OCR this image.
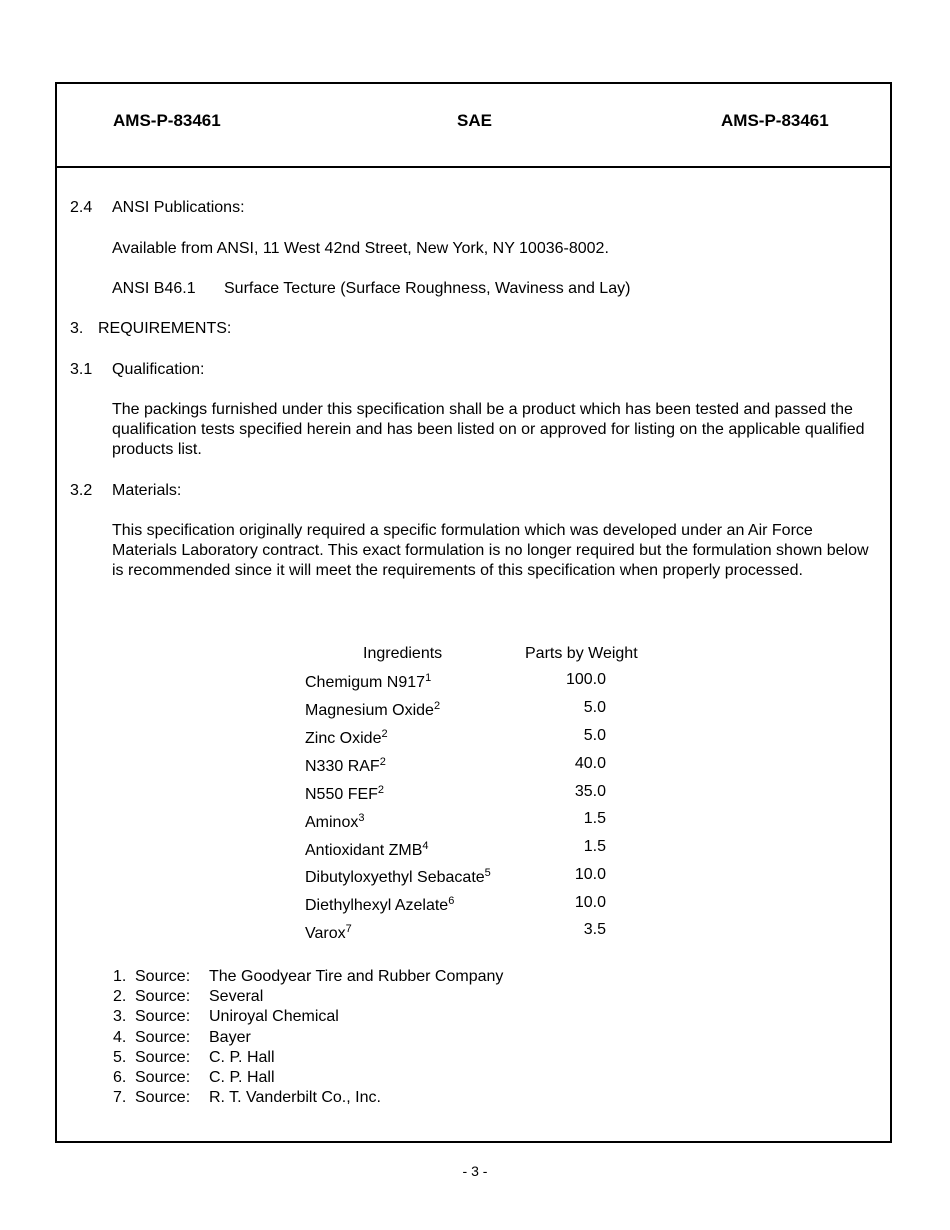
AMS-P-83461	SAE	AMS-P-83461
2.4 ANSI Publications:
Available from ANSI, 11 West 42nd Street, New York, NY 10036-8002.
ANSI B46.1 Surface Tecture (Surface Roughness, Waviness and Lay)
3. REQUIREMENTS:
3.1 Qualification:
The packings furnished under this specification shall be a product which has been tested and passed the qualification tests specified herein and has been listed on or approved for listing on the applicable qualified products list.
3.2 Materials:
This specification originally required a specific formulation which was developed under an Air Force Materials Laboratory contract. This exact formulation is no longer required but the formulation shown below is recommended since it will meet the requirements of this specification when properly processed.
Ingredients	Parts by Weight
Chemigum $N917^1$	100.0
Magnesium Oxide$^2$	5.0
Zinc Oxide$^2$	5.0
N330 RAF$^2$	40.0
N550 FEF$^2$	35.0
Aminox$^3$	1.5
Antioxidant ZMB$^4$	1.5
Dibutyloxyethyl Sebacate$^5$	10.0
Diethylhexyl Azelate$^6$	10.0
Varox$^7$	3.5
1. Source: The Goodyear Tire and Rubber Company
2. Source: Several
3. Source: Uniroyal Chemical
4. Source: Bayer
5. Source: C. P. Hall
6. Source: C. P. Hall
7. Source: R. T. Vanderbilt Co., Inc.
- 3 -
